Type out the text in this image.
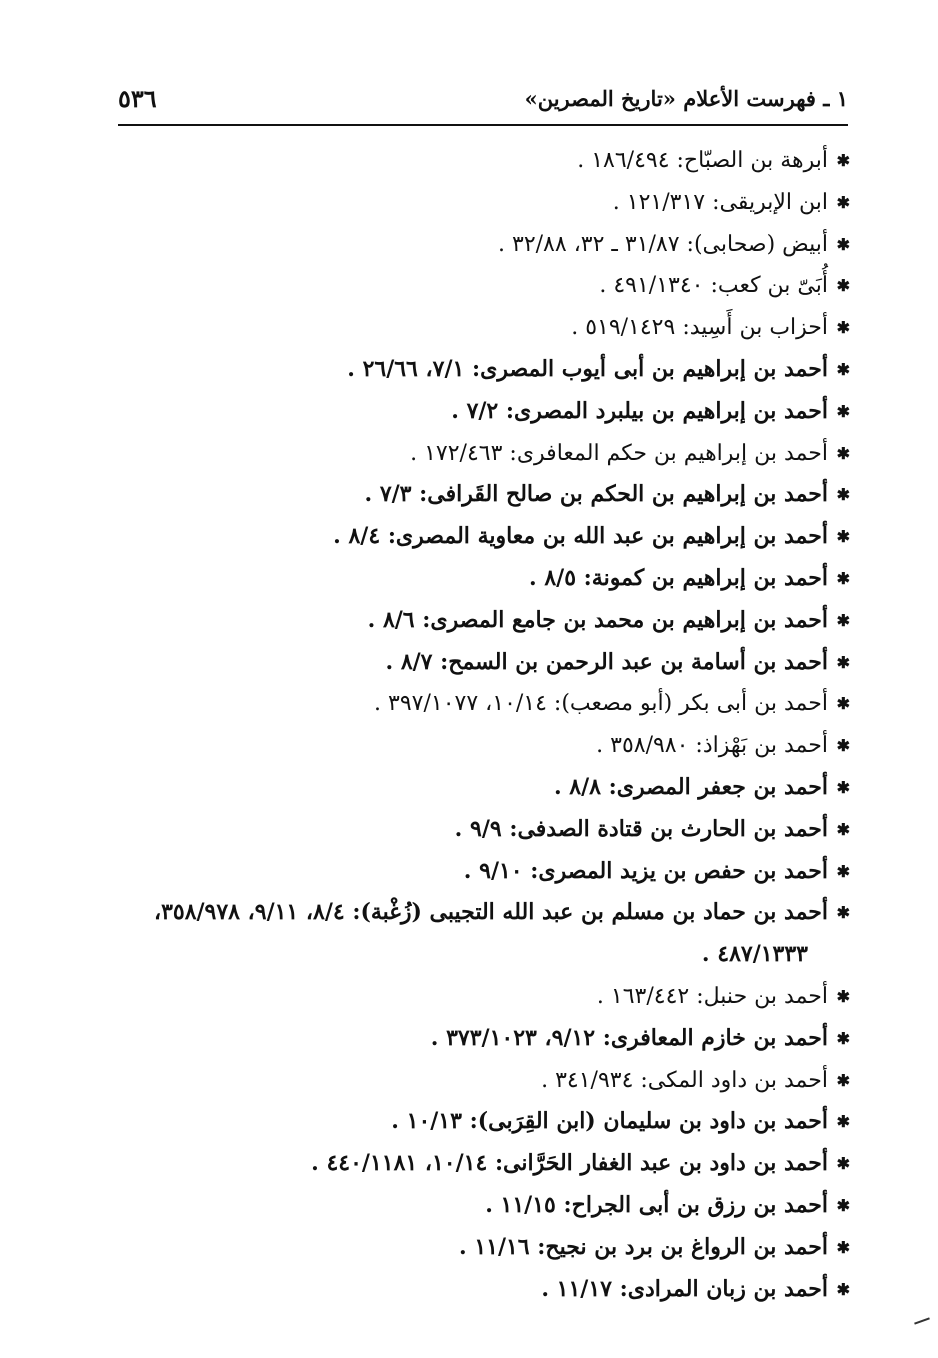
٥٣٦	١ ـ فهرست الأعلام «تاريخ المصرين»
✱
أبرهة بن الصبّاح: ١٨٦/٤٩٤ .
✱
ابن الإبريقى: ١٢١/٣١٧ .
✱
أبيض (صحابى): ٣١/٨٧ ـ ٣٢، ٣٢/٨٨ .
✱
أُبَىّ بن كعب: ٤٩١/١٣٤٠ .
✱
أحزاب بن أَسِيد: ٥١٩/١٤٢٩ .
✱
أحمد بن إبراهيم بن أبى أيوب المصرى: ٧/١، ٢٦/٦٦ .
✱
أحمد بن إبراهيم بن بيلبرد المصرى: ٧/٢ .
✱
أحمد بن إبراهيم بن حكم المعافرى: ١٧٢/٤٦٣ .
✱
أحمد بن إبراهيم بن الحكم بن صالح القَرافى: ٧/٣ .
✱
أحمد بن إبراهيم بن عبد الله بن معاوية المصرى: ٨/٤ .
✱
أحمد بن إبراهيم بن كمونة: ٨/٥ .
✱
أحمد بن إبراهيم بن محمد بن جامع المصرى: ٨/٦ .
✱
أحمد بن أسامة بن عبد الرحمن بن السمح: ٨/٧ .
✱
أحمد بن أبى بكر (أبو مصعب): ١٠/١٤، ٣٩٧/١٠٧٧ .
✱
أحمد بن بَهْزاذ: ٣٥٨/٩٨٠ .
✱
أحمد بن جعفر المصرى: ٨/٨ .
✱
أحمد بن الحارث بن قتادة الصدفى: ٩/٩ .
✱
أحمد بن حفص بن يزيد المصرى: ٩/١٠ .
✱
أحمد بن حماد بن مسلم بن عبد الله التجيبى (زُغْبة): ٨/٤، ٩/١١، ٣٥٨/٩٧٨،
٤٨٧/١٣٣٣ .
✱
أحمد بن حنبل: ١٦٣/٤٤٢ .
✱
أحمد بن خازم المعافرى: ٩/١٢، ٣٧٣/١٠٢٣ .
✱
أحمد بن داود المكى: ٣٤١/٩٣٤ .
✱
أحمد بن داود بن سليمان (ابن القِرَبى): ١٠/١٣ .
✱
أحمد بن داود بن عبد الغفار الحَرَّانى: ١٠/١٤، ٤٤٠/١١٨١ .
✱
أحمد بن رزق بن أبى الجراح: ١١/١٥ .
✱
أحمد بن الرواغ بن برد بن نجيح: ١١/١٦ .
✱
أحمد بن زبان المرادى: ١١/١٧ .
